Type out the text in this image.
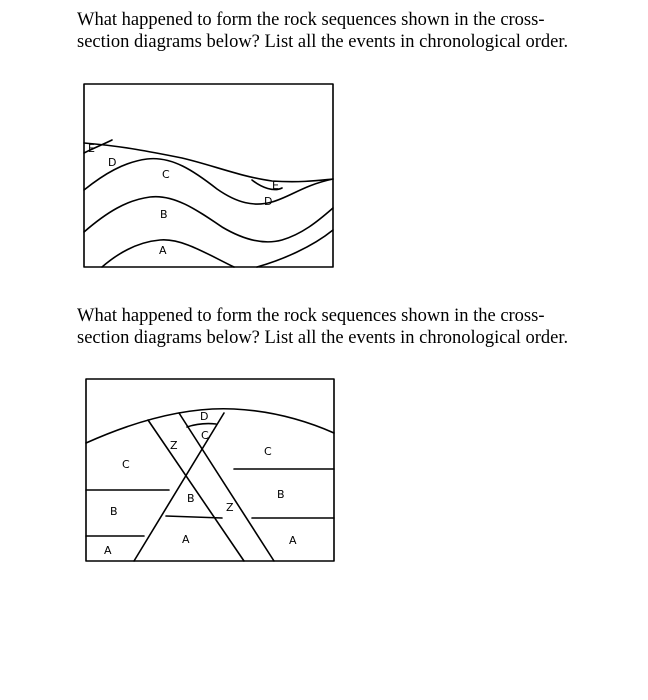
What happened to form the rock sequences shown in the cross-section diagrams below? List all the events in chronological order.

E
D
C
B
A
E
D

What happened to form the rock sequences shown in the cross-section diagrams below? List all the events in chronological order.

D
C
Z
C
C
B
B
Z
B
A
A	A
